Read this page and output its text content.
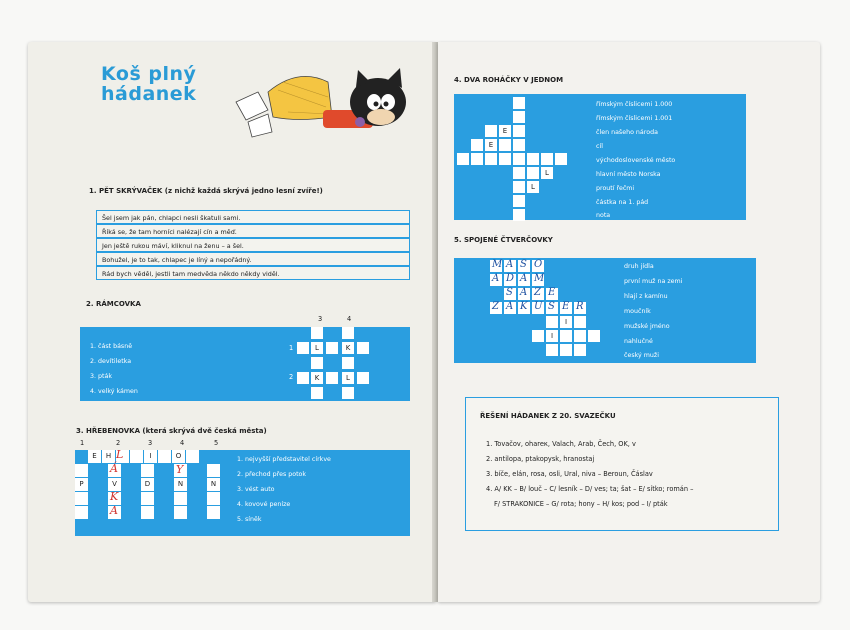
Koš plný
hádanek
1. PĚT SKRÝVAČEK (z nichž každá skrývá jedno lesní zvíře!)
Šel jsem jak pán, chlapci nesli škatuli sami.
Říká se, že tam horníci nalézají cín a měď.
Jen ještě rukou máví, kliknul na ženu – a šel.
Bohužel, je to tak, chlapec je líný a nepořádný.
Rád bych věděl, jestli tam medvěda někdo někdy viděl.
2. RÁMCOVKA
1. část básně
2. devítiletka
3. pták
4. velký kámen
3	4
1
2
L	K
K	L
3. HŘEBENOVKA (která skrývá dvě česká města)
1	2	3	4	5
E	H	I	O
P	V	D	N	N
L
Á
K
A
Y
1. nejvyšší představitel církve
2. přechod přes potok
3. vést auto
4. kovové peníze
5. síněk
4. DVA ROHÁČKY V JEDNOM
římským číslicemi 1.000
římským číslicemi 1.001
člen našeho národa
cíl
východoslovenské město
hlavní město Norska
proutí řečmi
částka na 1. pád
nota
E
E
L
L
5. SPOJENÉ ČTVERČOVKY
druh jídla
první muž na zemi
hlají z kamínu
moučník
mužské jméno
nahlučné
český muži
I
I
M A S O
A D A M
S A Z E
Z A K U S E R
ŘEŠENÍ HÁDANEK Z 20. SVAZEČKU
1. Tovačov, ohareк, Valach, Arab, Čech, OK, v
2. antilopa, ptakopysk, hranostaj
3. bíče, elán, rosa, osli, Ural, niva – Beroun, Čáslav
4. A/ KK – B/ louč – C/ lesník – D/ ves; ta; šat – E/ sítko; román –
F/ STRAKONICE – G/ rota; hony – H/ kos; pod – I/ pták
